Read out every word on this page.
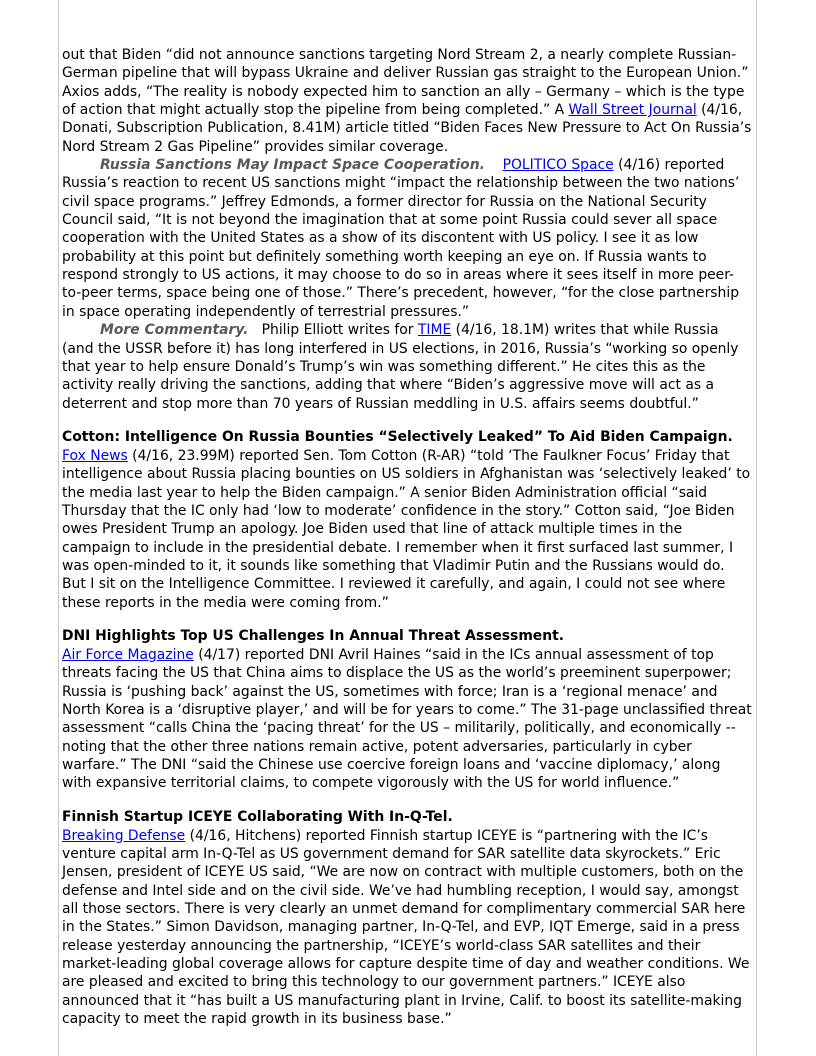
out that Biden “did not announce sanctions targeting Nord Stream 2, a nearly complete Russian-German pipeline that will bypass Ukraine and deliver Russian gas straight to the European Union.” Axios adds, “The reality is nobody expected him to sanction an ally – Germany – which is the type of action that might actually stop the pipeline from being completed.” A Wall Street Journal (4/16, Donati, Subscription Publication, 8.41M) article titled “Biden Faces New Pressure to Act On Russia’s Nord Stream 2 Gas Pipeline” provides similar coverage.

Russia Sanctions May Impact Space Cooperation. POLITICO Space (4/16) reported Russia’s reaction to recent US sanctions might “impact the relationship between the two nations’ civil space programs.” Jeffrey Edmonds, a former director for Russia on the National Security Council said, “It is not beyond the imagination that at some point Russia could sever all space cooperation with the United States as a show of its discontent with US policy. I see it as low probability at this point but definitely something worth keeping an eye on. If Russia wants to respond strongly to US actions, it may choose to do so in areas where it sees itself in more peer-to-peer terms, space being one of those.” There’s precedent, however, “for the close partnership in space operating independently of terrestrial pressures.”

More Commentary. Philip Elliott writes for TIME (4/16, 18.1M) writes that while Russia (and the USSR before it) has long interfered in US elections, in 2016, Russia’s “working so openly that year to help ensure Donald’s Trump’s win was something different.” He cites this as the activity really driving the sanctions, adding that where “Biden’s aggressive move will act as a deterrent and stop more than 70 years of Russian meddling in U.S. affairs seems doubtful.”

Cotton: Intelligence On Russia Bounties “Selectively Leaked” To Aid Biden Campaign.

Fox News (4/16, 23.99M) reported Sen. Tom Cotton (R-AR) “told ‘The Faulkner Focus’ Friday that intelligence about Russia placing bounties on US soldiers in Afghanistan was ‘selectively leaked’ to the media last year to help the Biden campaign.” A senior Biden Administration official “said Thursday that the IC only had ‘low to moderate’ confidence in the story.” Cotton said, “Joe Biden owes President Trump an apology. Joe Biden used that line of attack multiple times in the campaign to include in the presidential debate. I remember when it first surfaced last summer, I was open-minded to it, it sounds like something that Vladimir Putin and the Russians would do. But I sit on the Intelligence Committee. I reviewed it carefully, and again, I could not see where these reports in the media were coming from.”

DNI Highlights Top US Challenges In Annual Threat Assessment.

Air Force Magazine (4/17) reported DNI Avril Haines “said in the ICs annual assessment of top threats facing the US that China aims to displace the US as the world’s preeminent superpower; Russia is ‘pushing back’ against the US, sometimes with force; Iran is a ‘regional menace’ and North Korea is a ‘disruptive player,’ and will be for years to come.” The 31-page unclassified threat assessment “calls China the ‘pacing threat’ for the US – militarily, politically, and economically -- noting that the other three nations remain active, potent adversaries, particularly in cyber warfare.” The DNI “said the Chinese use coercive foreign loans and ‘vaccine diplomacy,’ along with expansive territorial claims, to compete vigorously with the US for world influence.”

Finnish Startup ICEYE Collaborating With In-Q-Tel.

Breaking Defense (4/16, Hitchens) reported Finnish startup ICEYE is “partnering with the IC’s venture capital arm In-Q-Tel as US government demand for SAR satellite data skyrockets.” Eric Jensen, president of ICEYE US said, “We are now on contract with multiple customers, both on the defense and Intel side and on the civil side. We’ve had humbling reception, I would say, amongst all those sectors. There is very clearly an unmet demand for complimentary commercial SAR here in the States.” Simon Davidson, managing partner, In-Q-Tel, and EVP, IQT Emerge, said in a press release yesterday announcing the partnership, “ICEYE’s world-class SAR satellites and their market-leading global coverage allows for capture despite time of day and weather conditions. We are pleased and excited to bring this technology to our government partners.” ICEYE also announced that it “has built a US manufacturing plant in Irvine, Calif. to boost its satellite-making capacity to meet the rapid growth in its business base.”
